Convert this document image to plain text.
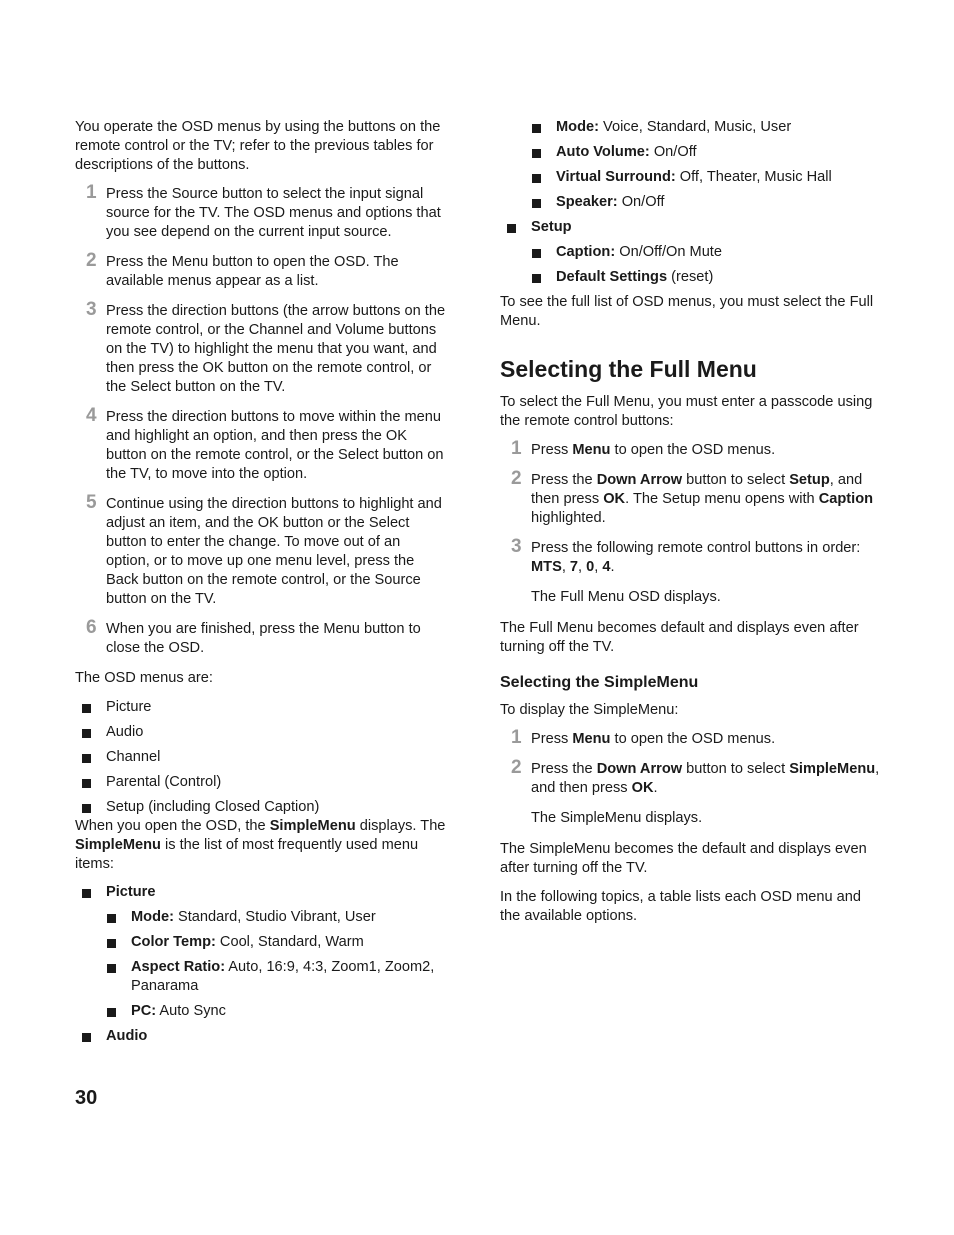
You operate the OSD menus by using the buttons on the remote control or the TV; refer to the previous tables for descriptions of the buttons.

1 Press the Source button to select the input signal source for the TV. The OSD menus and options that you see depend on the current input source.
2 Press the Menu button to open the OSD. The available menus appear as a list.
3 Press the direction buttons (the arrow buttons on the remote control, or the Channel and Volume buttons on the TV) to highlight the menu that you want, and then press the OK button on the remote control, or the Select button on the TV.
4 Press the direction buttons to move within the menu and highlight an option, and then press the OK button on the remote control, or the Select button on the TV, to move into the option.
5 Continue using the direction buttons to highlight and adjust an item, and the OK button or the Select button to enter the change. To move out of an option, or to move up one menu level, press the Back button on the remote control, or the Source button on the TV.
6 When you are finished, press the Menu button to close the OSD.

The OSD menus are:

Picture
Audio
Channel
Parental (Control)
Setup (including Closed Caption)

When you open the OSD, the SimpleMenu displays. The SimpleMenu is the list of most frequently used menu items:

Picture
Mode: Standard, Studio Vibrant, User
Color Temp: Cool, Standard, Warm
Aspect Ratio: Auto, 16:9, 4:3, Zoom1, Zoom2, Panarama
PC: Auto Sync
Audio
Mode: Voice, Standard, Music, User
Auto Volume: On/Off
Virtual Surround: Off, Theater, Music Hall
Speaker: On/Off
Setup
Caption: On/Off/On Mute
Default Settings (reset)

To see the full list of OSD menus, you must select the Full Menu.

Selecting the Full Menu

To select the Full Menu, you must enter a passcode using the remote control buttons:

1 Press Menu to open the OSD menus.
2 Press the Down Arrow button to select Setup, and then press OK. The Setup menu opens with Caption highlighted.
3 Press the following remote control buttons in order: MTS, 7, 0, 4.

The Full Menu OSD displays.

The Full Menu becomes default and displays even after turning off the TV.

Selecting the SimpleMenu

To display the SimpleMenu:

1 Press Menu to open the OSD menus.
2 Press the Down Arrow button to select SimpleMenu, and then press OK.

The SimpleMenu displays.

The SimpleMenu becomes the default and displays even after turning off the TV.

In the following topics, a table lists each OSD menu and the available options.

30
